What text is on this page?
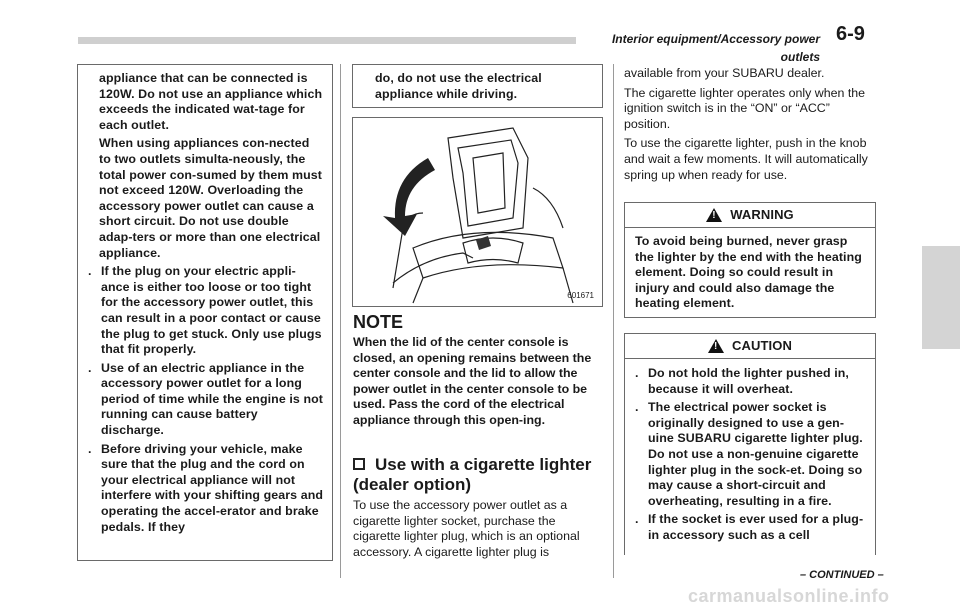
Interior equipment/Accessory power outlets
6-9

appliance that can be connected is 120W. Do not use an appliance which exceeds the indicated wat-tage for each outlet.

When using appliances con-nected to two outlets simulta-neously, the total power con-sumed by them must not exceed 120W. Overloading the accessory power outlet can cause a short circuit. Do not use double adap-ters or more than one electrical appliance.

. If the plug on your electric appli-ance is either too loose or too tight for the accessory power outlet, this can result in a poor contact or cause the plug to get stuck. Only use plugs that fit properly.

. Use of an electric appliance in the accessory power outlet for a long period of time while the engine is not running can cause battery discharge.

. Before driving your vehicle, make sure that the plug and the cord on your electrical appliance will not interfere with your shifting gears and operating the accel-erator and brake pedals. If they

do, do not use the electrical appliance while driving.

601671
NOTE
When the lid of the center console is closed, an opening remains between the center console and the lid to allow the power outlet in the center console to be used. Pass the cord of the electrical appliance through this open-ing.
Use with a cigarette lighter (dealer option)

To use the accessory power outlet as a cigarette lighter socket, purchase the cigarette lighter plug, which is an optional accessory. A cigarette lighter plug is

available from your SUBARU dealer.

The cigarette lighter operates only when the ignition switch is in the “ON” or “ACC” position.

To use the cigarette lighter, push in the knob and wait a few moments. It will automatically spring up when ready for use.

!
WARNING

To avoid being burned, never grasp the lighter by the end with the heating element. Doing so could result in injury and could also damage the heating element.

!
CAUTION
. Do not hold the lighter pushed in, because it will overheat.

. The electrical power socket is originally designed to use a gen-uine SUBARU cigarette lighter plug. Do not use a non-genuine cigarette lighter plug in the sock-et. Doing so may cause a short-circuit and overheating, resulting in a fire.

. If the socket is ever used for a plug-in accessory such as a cell

– CONTINUED –
carmanualsonline.info
